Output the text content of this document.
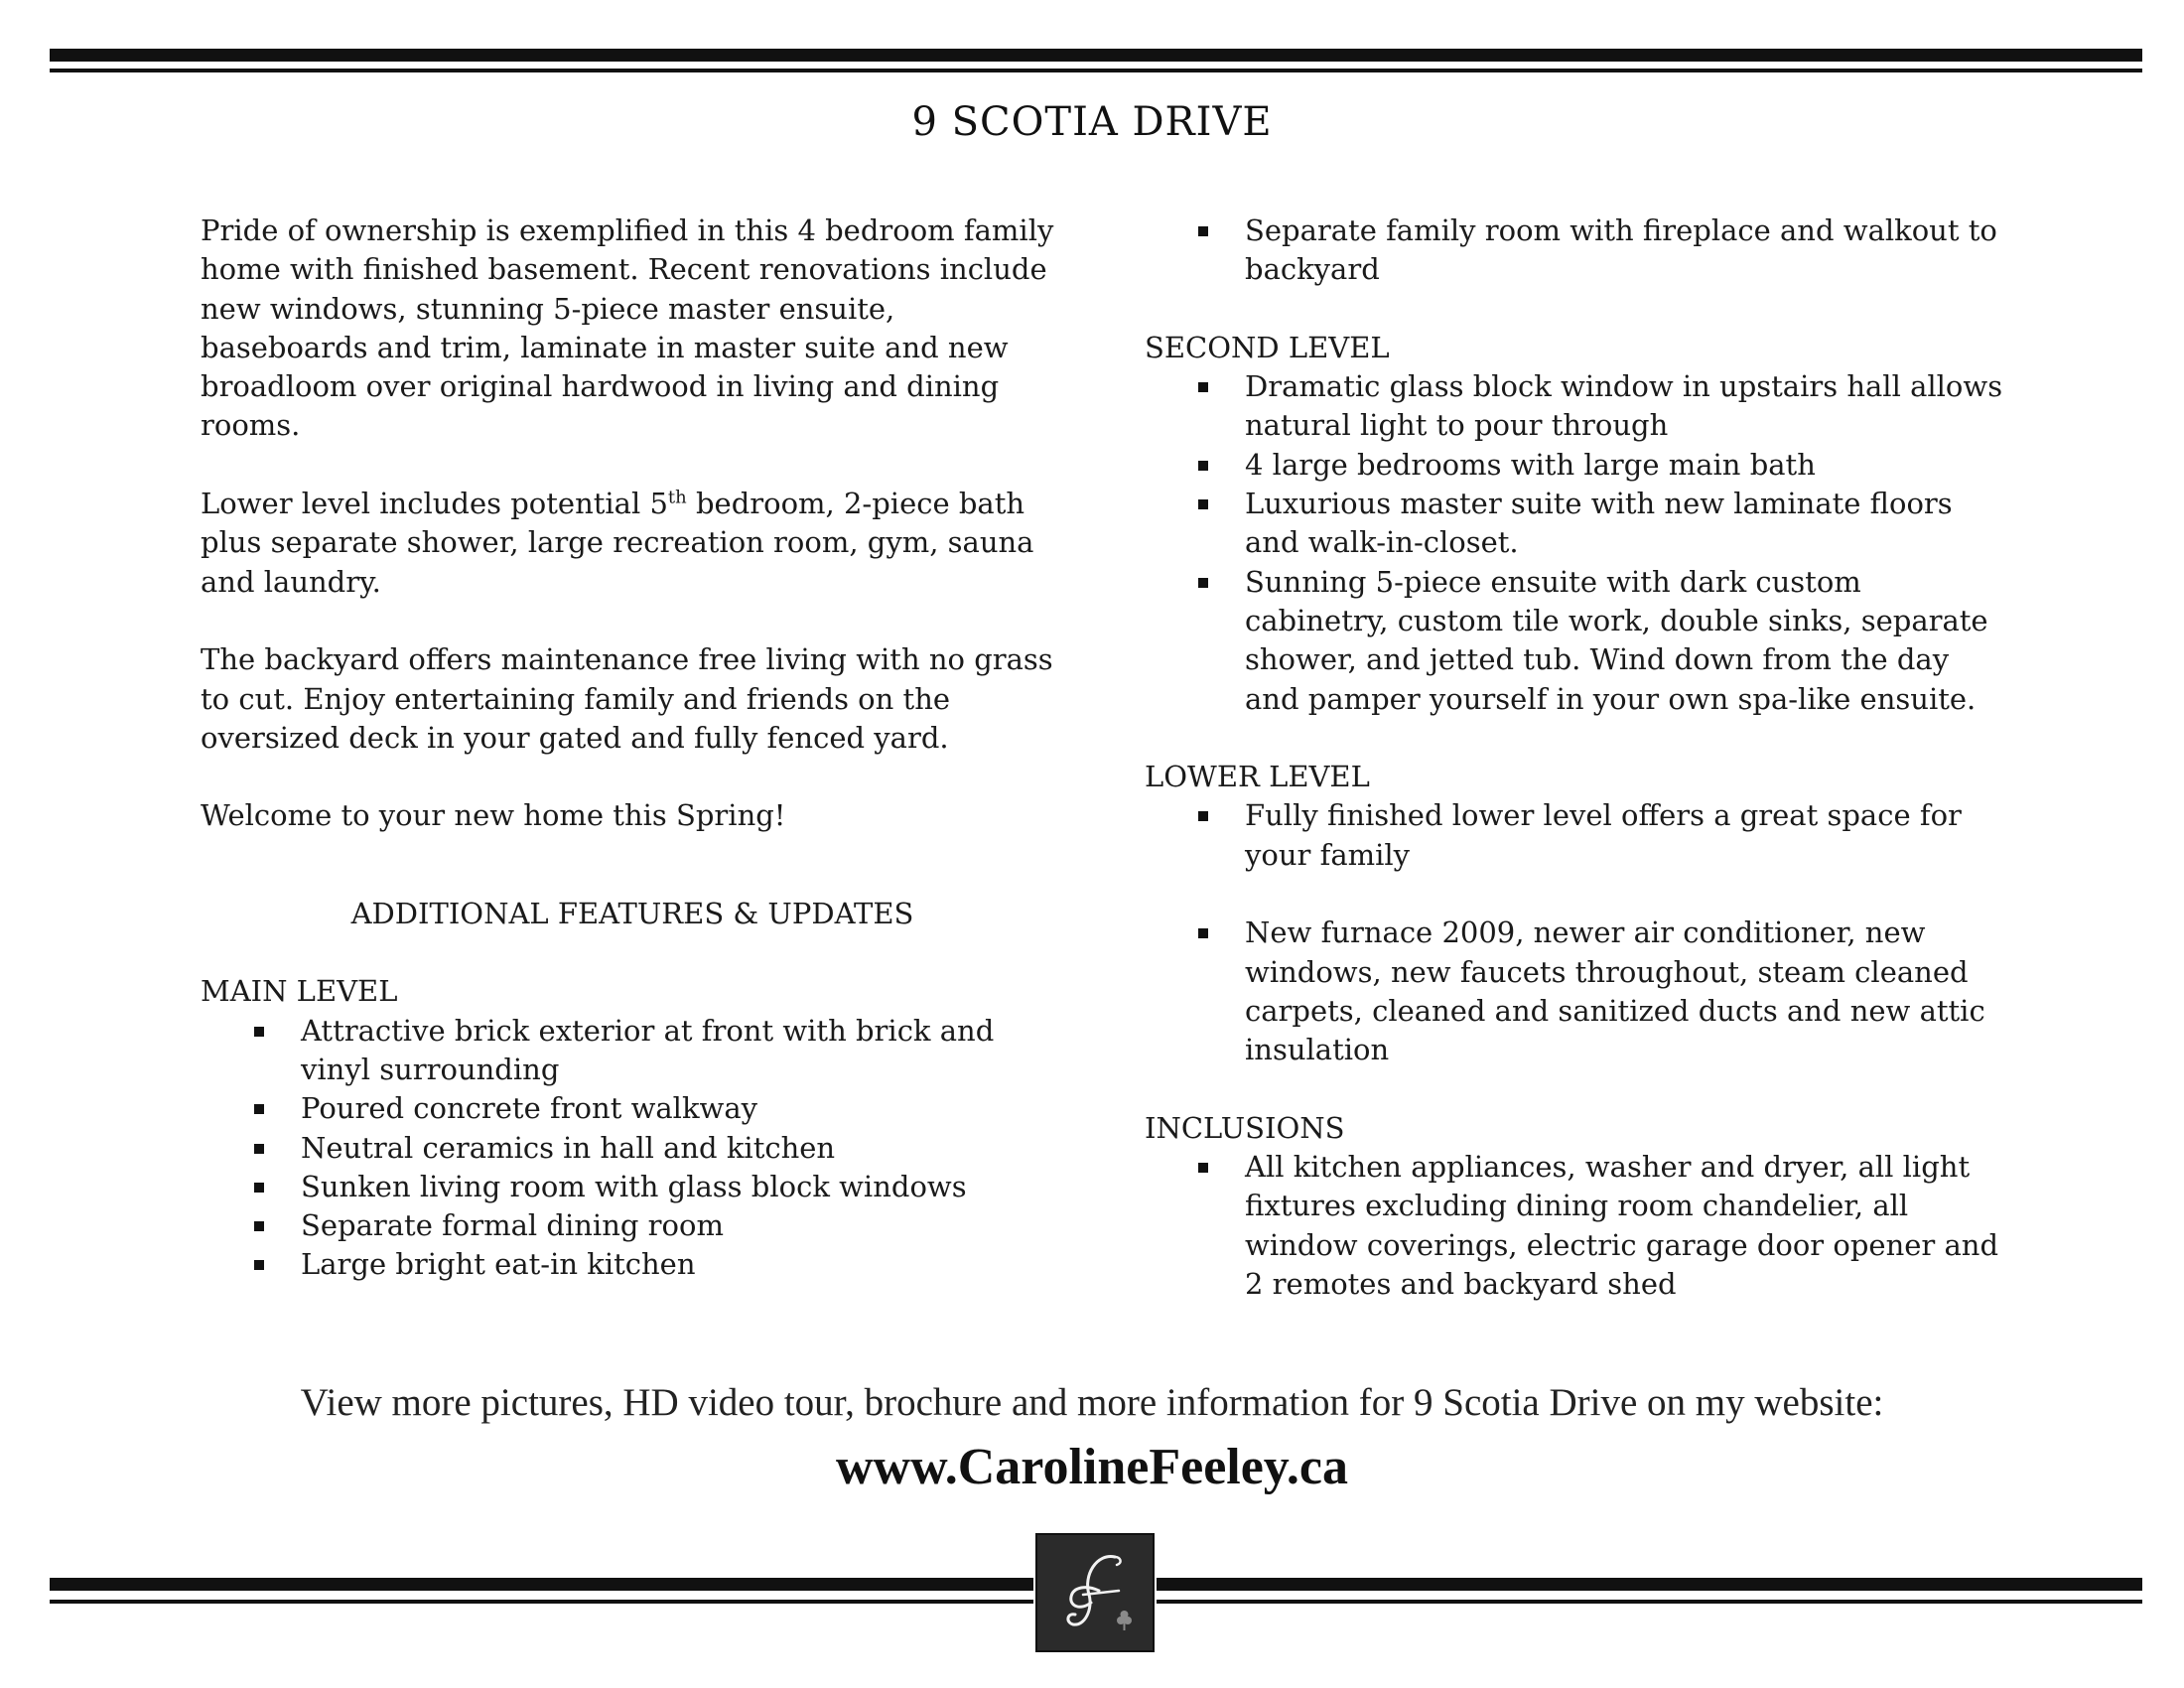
9 SCOTIA DRIVE

Pride of ownership is exemplified in this 4 bedroom family home with finished basement. Recent renovations include new windows, stunning 5-piece master ensuite, baseboards and trim, laminate in master suite and new broadloom over original hardwood in living and dining rooms.

Lower level includes potential 5th bedroom, 2-piece bath plus separate shower, large recreation room, gym, sauna and laundry.

The backyard offers maintenance free living with no grass to cut. Enjoy entertaining family and friends on the oversized deck in your gated and fully fenced yard.

Welcome to your new home this Spring!

ADDITIONAL FEATURES & UPDATES
MAIN LEVEL
Attractive brick exterior at front with brick and vinyl surrounding
Poured concrete front walkway
Neutral ceramics in hall and kitchen
Sunken living room with glass block windows
Separate formal dining room
Large bright eat-in kitchen
Separate family room with fireplace and walkout to backyard
SECOND LEVEL
Dramatic glass block window in upstairs hall allows natural light to pour through
4 large bedrooms with large main bath
Luxurious master suite with new laminate floors and walk-in-closet.
Sunning 5-piece ensuite with dark custom cabinetry, custom tile work, double sinks, separate shower, and jetted tub. Wind down from the day and pamper yourself in your own spa-like ensuite.
LOWER LEVEL
Fully finished lower level offers a great space for your family
New furnace 2009, newer air conditioner, new windows, new faucets throughout, steam cleaned carpets, cleaned and sanitized ducts and new attic insulation
INCLUSIONS
All kitchen appliances, washer and dryer, all light fixtures excluding dining room chandelier, all window coverings, electric garage door opener and 2 remotes and backyard shed
View more pictures, HD video tour, brochure and more information for 9 Scotia Drive on my website:
www.CarolineFeeley.ca
